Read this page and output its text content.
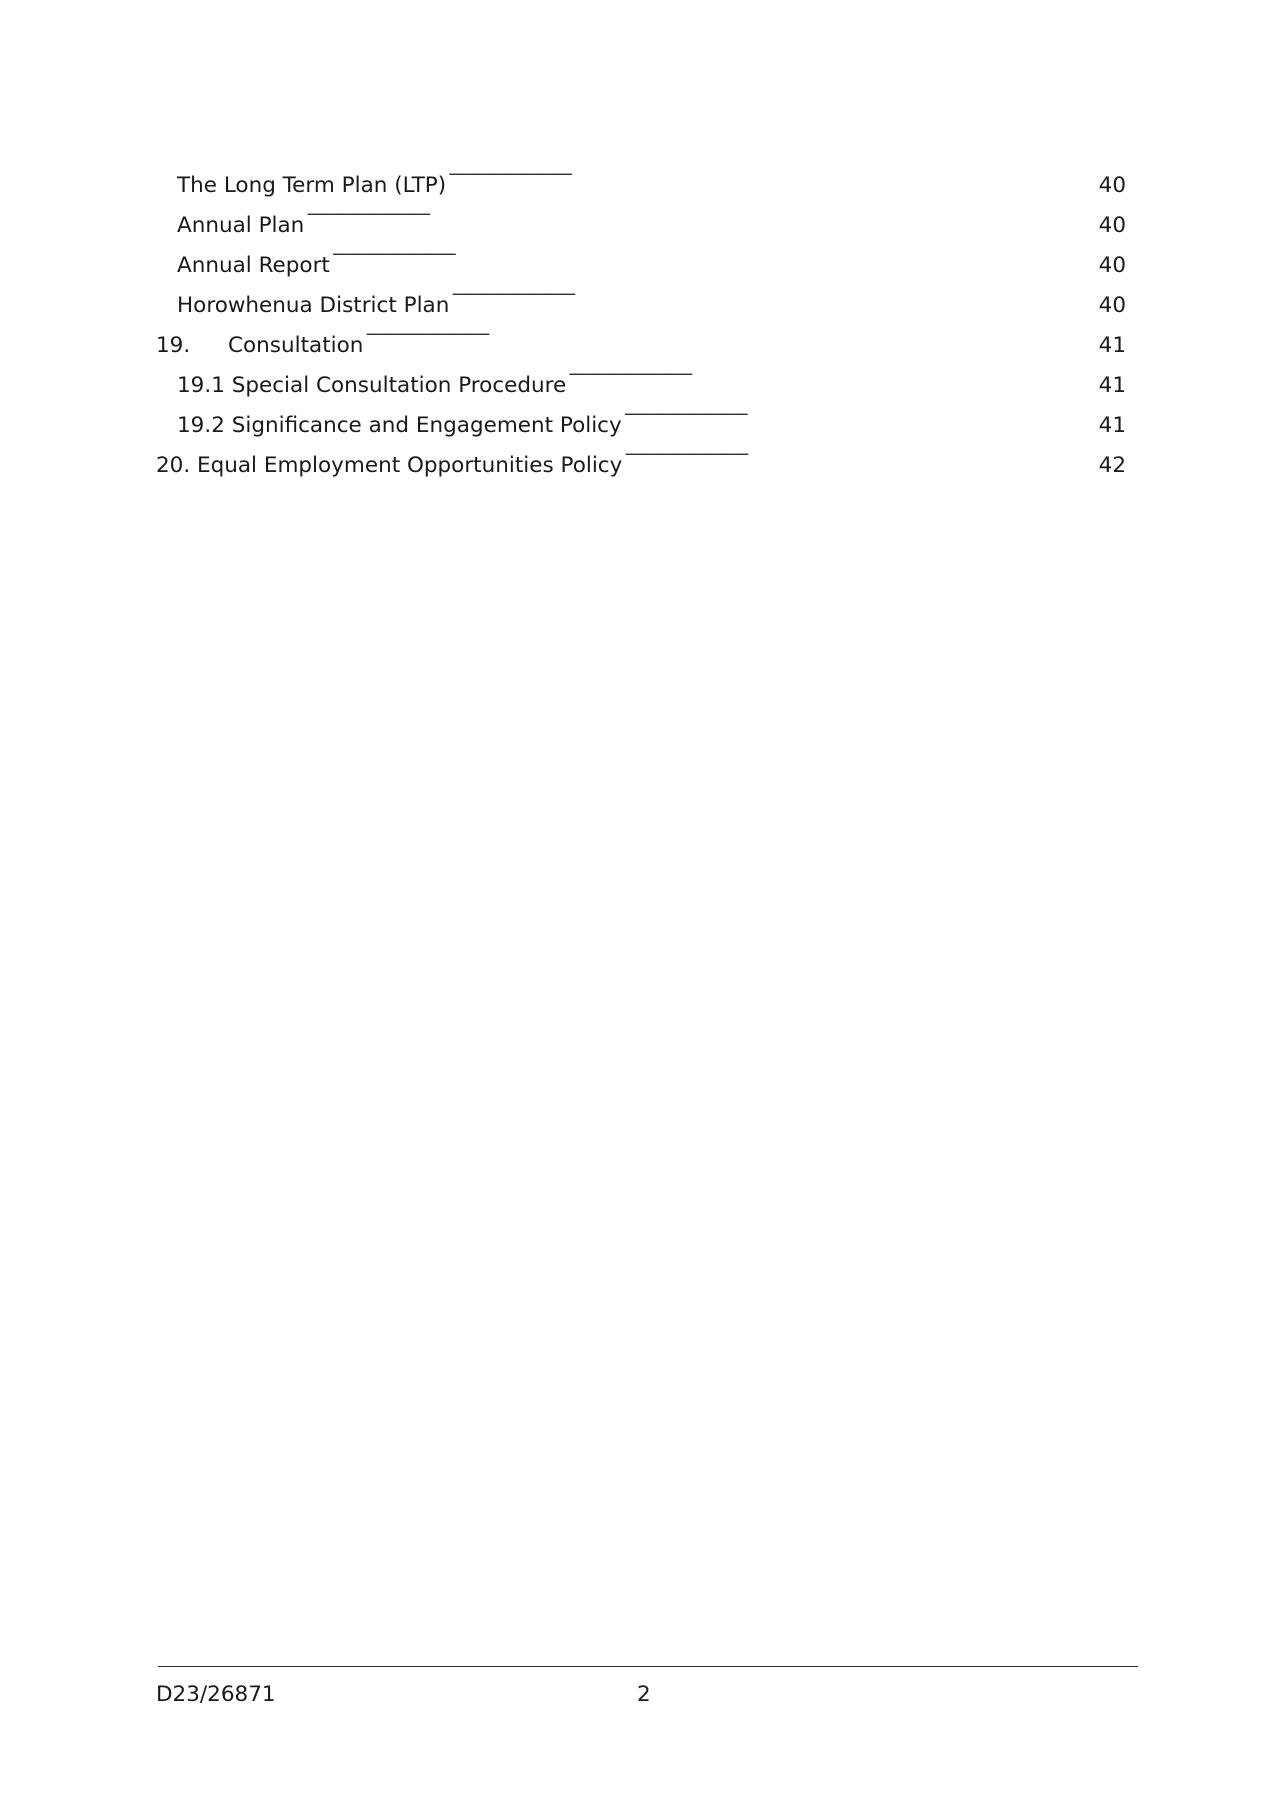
The Long Term Plan (LTP) . . .	40
Annual Plan . . .	40
Annual Report . . .	40
Horowhenua District Plan . . .	40
19.	Consultation . . .	41
19.1 Special Consultation Procedure . . .	41
19.2 Significance and Engagement Policy . . .	41
20. Equal Employment Opportunities Policy . . .	42
D23/26871	2
